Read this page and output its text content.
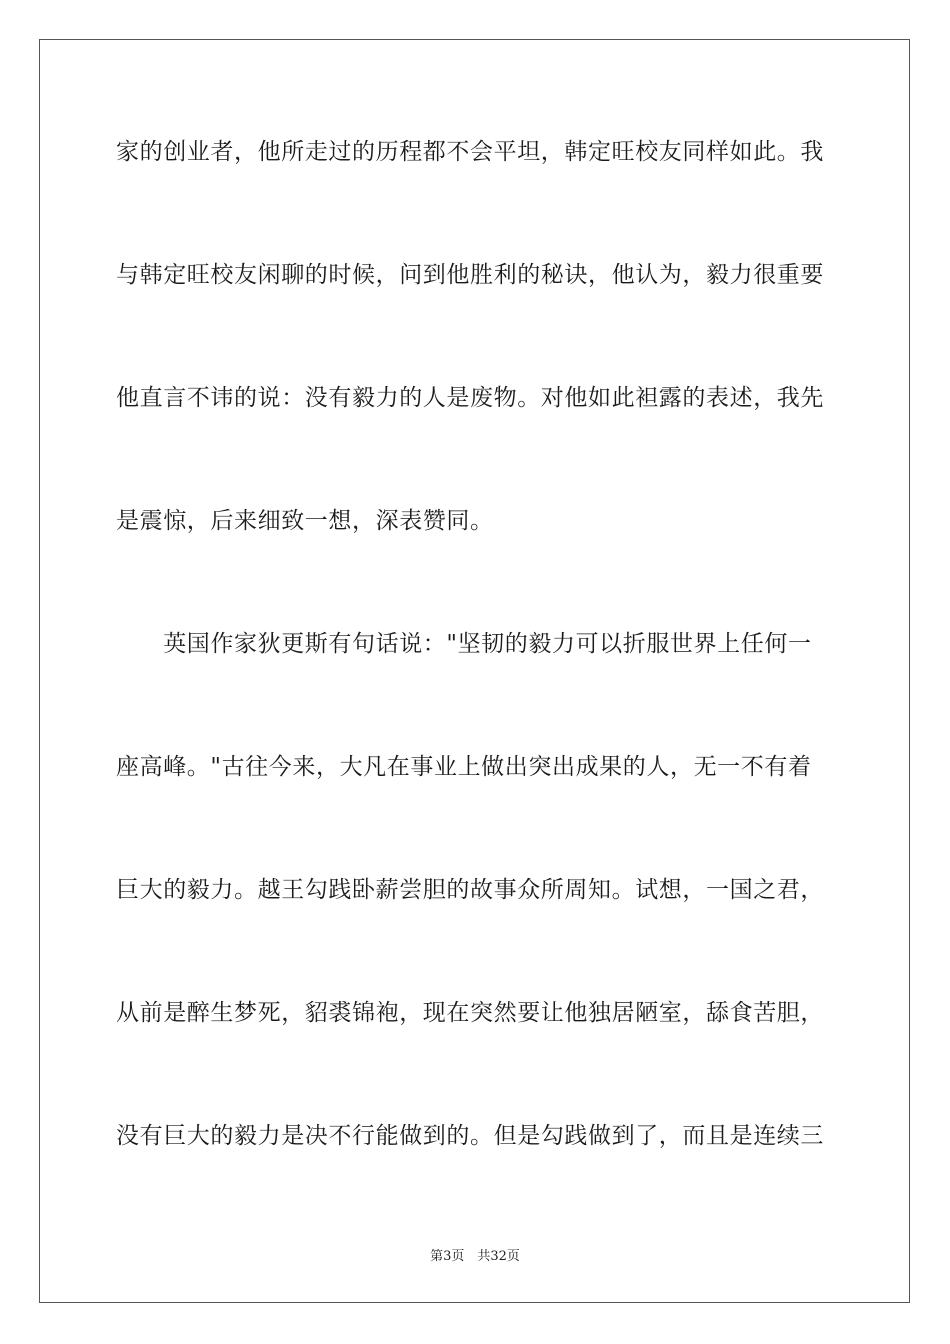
家的创业者，他所走过的历程都不会平坦，韩定旺校友同样如此。我
与韩定旺校友闲聊的时候，问到他胜利的秘诀，他认为，毅力很重要
他直言不讳的说：没有毅力的人是废物。对他如此袒露的表述，我先
是震惊，后来细致一想，深表赞同。
　　英国作家狄更斯有句话说："坚韧的毅力可以折服世界上任何一
座高峰。"古往今来，大凡在事业上做出突出成果的人，无一不有着
巨大的毅力。越王勾践卧薪尝胆的故事众所周知。试想，一国之君，
从前是醉生梦死，貂裘锦袍，现在突然要让他独居陋室，舔食苦胆，
没有巨大的毅力是决不行能做到的。但是勾践做到了，而且是连续三
第3页　共32页
